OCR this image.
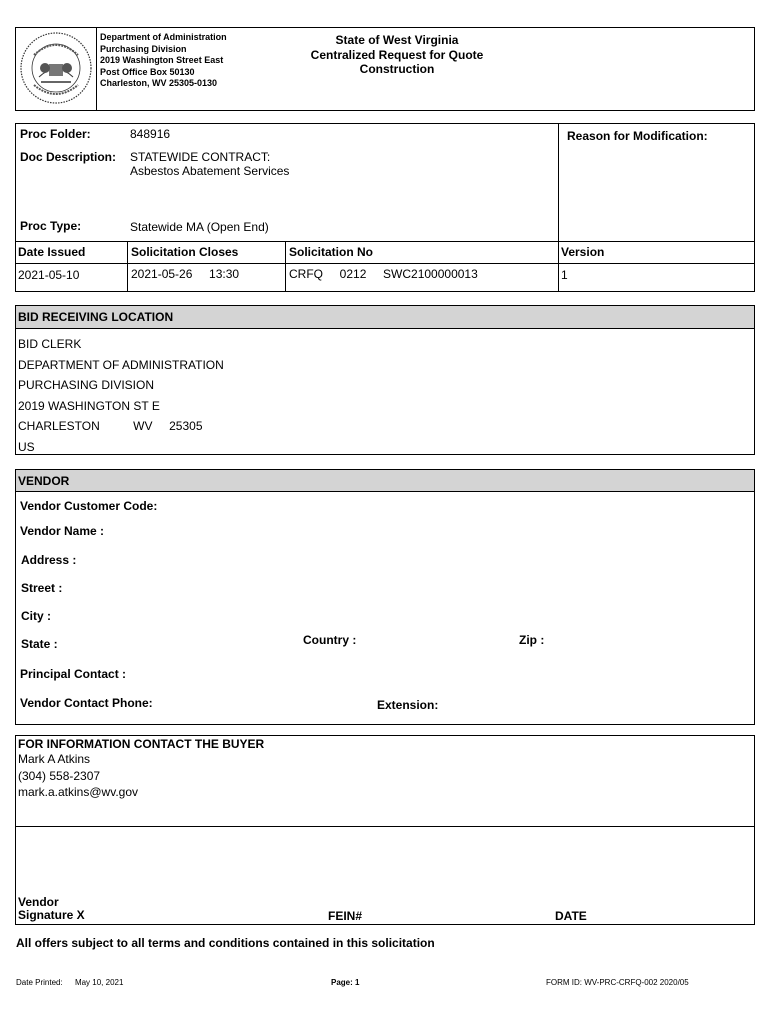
Department of Administration
Purchasing Division
2019 Washington Street East
Post Office Box 50130
Charleston, WV 25305-0130
State of West Virginia
Centralized Request for Quote
Construction
Proc Folder:	848916
Doc Description: STATEWIDE CONTRACT:
Asbestos Abatement Services
Proc Type:	Statewide MA (Open End)
Reason for Modification:
Date Issued	Solicitation Closes	Solicitation No	Version
2021-05-10	2021-05-26     13:30	CRFQ     0212     SWC2100000013	1
BID RECEIVING LOCATION
BID CLERK
DEPARTMENT OF ADMINISTRATION
PURCHASING DIVISION
2019 WASHINGTON ST E
CHARLESTON          WV     25305
US
VENDOR
Vendor Customer Code:
Vendor Name :
Address :
Street :
City :
State :	Country :	Zip :
Principal Contact :
Vendor Contact Phone:	Extension:
FOR INFORMATION CONTACT THE BUYER
Mark A Atkins
(304) 558-2307
mark.a.atkins@wv.gov
Vendor
Signature X	FEIN#	DATE
All offers subject to all terms and conditions contained in this solicitation
Date Printed: May 10, 2021	Page: 1	FORM ID: WV-PRC-CRFQ-002 2020/05
